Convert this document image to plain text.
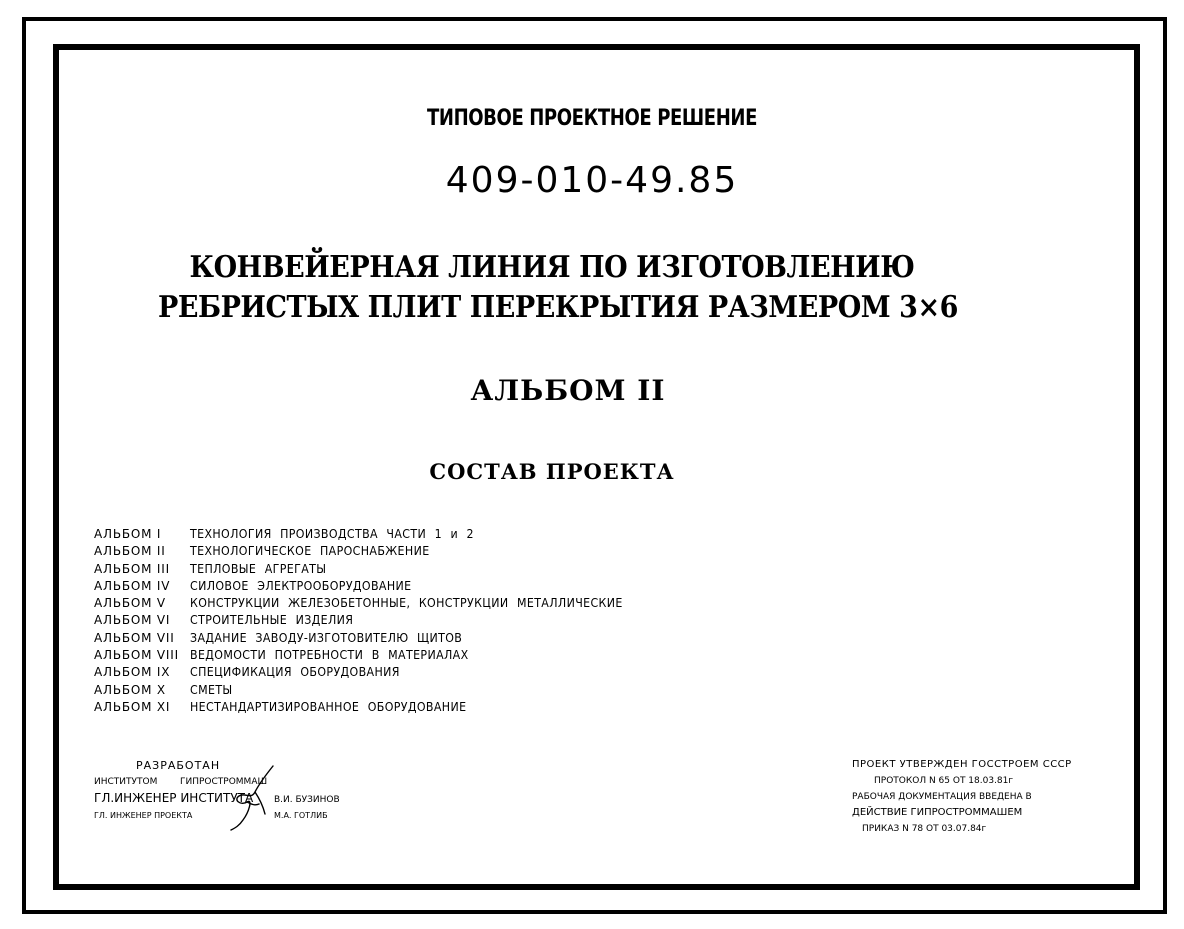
ТИПОВОЕ ПРОЕКТНОЕ РЕШЕНИЕ
409-010-49.85
КОНВЕЙЕРНАЯ ЛИНИЯ ПО ИЗГОТОВЛЕНИЮ
РЕБРИСТЫХ ПЛИТ ПЕРЕКРЫТИЯ РАЗМЕРОМ 3×6
АЛЬБОМ II
СОСТАВ ПРОЕКТА
АЛЬБОМ I	ТЕХНОЛОГИЯ ПРОИЗВОДСТВА ЧАСТИ 1 и 2
АЛЬБОМ II	ТЕХНОЛОГИЧЕСКОЕ ПАРОСНАБЖЕНИЕ
АЛЬБОМ III	ТЕПЛОВЫЕ АГРЕГАТЫ
АЛЬБОМ IV	СИЛОВОЕ ЭЛЕКТРООБОРУДОВАНИЕ
АЛЬБОМ V	КОНСТРУКЦИИ ЖЕЛЕЗОБЕТОННЫЕ, КОНСТРУКЦИИ МЕТАЛЛИЧЕСКИЕ
АЛЬБОМ VI	СТРОИТЕЛЬНЫЕ ИЗДЕЛИЯ
АЛЬБОМ VII	ЗАДАНИЕ ЗАВОДУ-ИЗГОТОВИТЕЛЮ ЩИТОВ
АЛЬБОМ VIII ВЕДОМОСТИ ПОТРЕБНОСТИ В МАТЕРИАЛАХ
АЛЬБОМ IX	СПЕЦИФИКАЦИЯ ОБОРУДОВАНИЯ
АЛЬБОМ X	СМЕТЫ
АЛЬБОМ XI	НЕСТАНДАРТИЗИРОВАННОЕ ОБОРУДОВАНИЕ
РАЗРАБОТАН
ИНСТИТУТОМ	ГИПРОСТРОММАШ
ГЛ.ИНЖЕНЕР ИНСТИТУТА	В.И. БУЗИНОВ
ГЛ. ИНЖЕНЕР ПРОЕКТА	М.А. ГОТЛИБ
ПРОЕКТ УТВЕРЖДЕН ГОССТРОЕМ СССР
ПРОТОКОЛ N 65 ОТ 18.03.81г
РАБОЧАЯ ДОКУМЕНТАЦИЯ ВВЕДЕНА В
ДЕЙСТВИЕ ГИПРОСТРОММАШЕМ
ПРИКАЗ N 78 ОТ 03.07.84г
